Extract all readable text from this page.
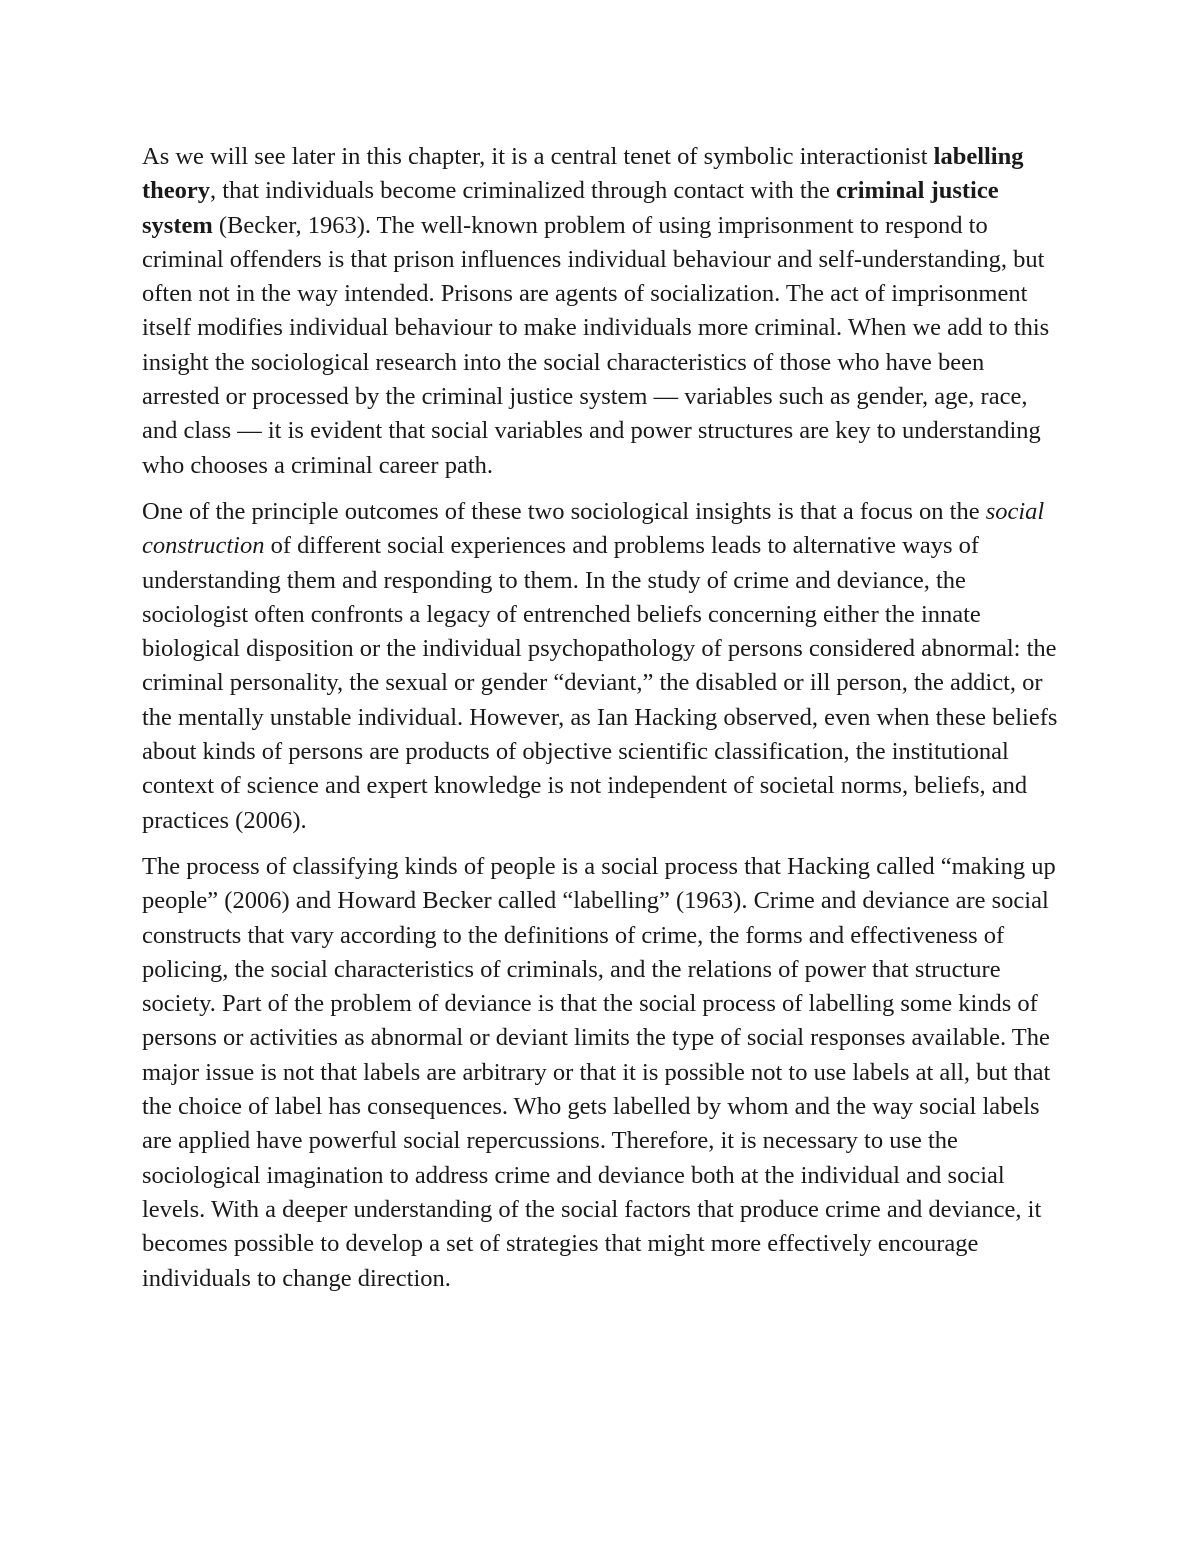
As we will see later in this chapter, it is a central tenet of symbolic interactionist labelling theory, that individuals become criminalized through contact with the criminal justice system (Becker, 1963). The well-known problem of using imprisonment to respond to criminal offenders is that prison influences individual behaviour and self-understanding, but often not in the way intended. Prisons are agents of socialization. The act of imprisonment itself modifies individual behaviour to make individuals more criminal. When we add to this insight the sociological research into the social characteristics of those who have been arrested or processed by the criminal justice system — variables such as gender, age, race, and class — it is evident that social variables and power structures are key to understanding who chooses a criminal career path.

One of the principle outcomes of these two sociological insights is that a focus on the social construction of different social experiences and problems leads to alternative ways of understanding them and responding to them. In the study of crime and deviance, the sociologist often confronts a legacy of entrenched beliefs concerning either the innate biological disposition or the individual psychopathology of persons considered abnormal: the criminal personality, the sexual or gender “deviant,” the disabled or ill person, the addict, or the mentally unstable individual. However, as Ian Hacking observed, even when these beliefs about kinds of persons are products of objective scientific classification, the institutional context of science and expert knowledge is not independent of societal norms, beliefs, and practices (2006).

The process of classifying kinds of people is a social process that Hacking called “making up people” (2006) and Howard Becker called “labelling” (1963). Crime and deviance are social constructs that vary according to the definitions of crime, the forms and effectiveness of policing, the social characteristics of criminals, and the relations of power that structure society. Part of the problem of deviance is that the social process of labelling some kinds of persons or activities as abnormal or deviant limits the type of social responses available. The major issue is not that labels are arbitrary or that it is possible not to use labels at all, but that the choice of label has consequences. Who gets labelled by whom and the way social labels are applied have powerful social repercussions. Therefore, it is necessary to use the sociological imagination to address crime and deviance both at the individual and social levels. With a deeper understanding of the social factors that produce crime and deviance, it becomes possible to develop a set of strategies that might more effectively encourage individuals to change direction.
